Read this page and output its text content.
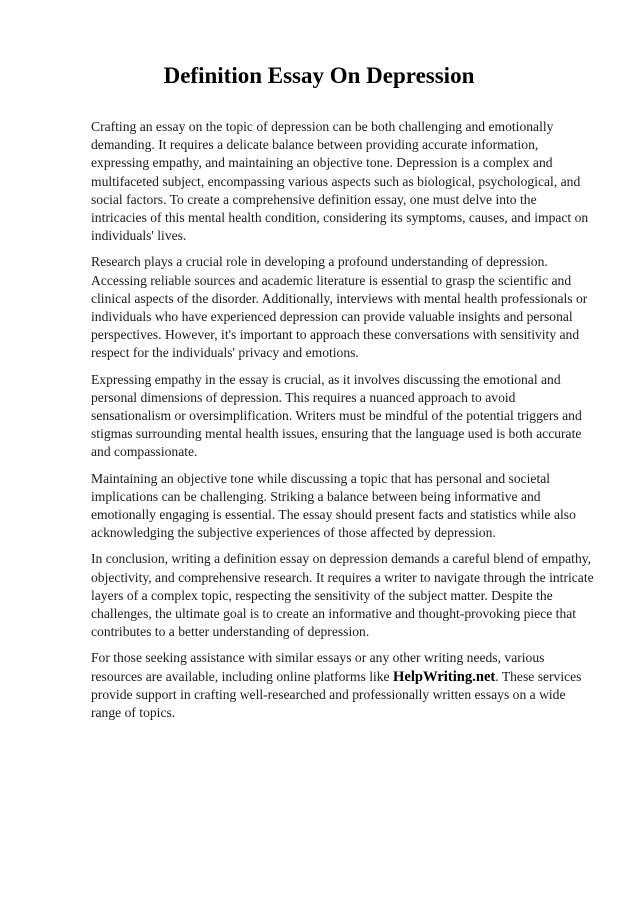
Definition Essay On Depression

Crafting an essay on the topic of depression can be both challenging and emotionally demanding. It requires a delicate balance between providing accurate information, expressing empathy, and maintaining an objective tone. Depression is a complex and multifaceted subject, encompassing various aspects such as biological, psychological, and social factors. To create a comprehensive definition essay, one must delve into the intricacies of this mental health condition, considering its symptoms, causes, and impact on individuals' lives.

Research plays a crucial role in developing a profound understanding of depression. Accessing reliable sources and academic literature is essential to grasp the scientific and clinical aspects of the disorder. Additionally, interviews with mental health professionals or individuals who have experienced depression can provide valuable insights and personal perspectives. However, it's important to approach these conversations with sensitivity and respect for the individuals' privacy and emotions.

Expressing empathy in the essay is crucial, as it involves discussing the emotional and personal dimensions of depression. This requires a nuanced approach to avoid sensationalism or oversimplification. Writers must be mindful of the potential triggers and stigmas surrounding mental health issues, ensuring that the language used is both accurate and compassionate.

Maintaining an objective tone while discussing a topic that has personal and societal implications can be challenging. Striking a balance between being informative and emotionally engaging is essential. The essay should present facts and statistics while also acknowledging the subjective experiences of those affected by depression.

In conclusion, writing a definition essay on depression demands a careful blend of empathy, objectivity, and comprehensive research. It requires a writer to navigate through the intricate layers of a complex topic, respecting the sensitivity of the subject matter. Despite the challenges, the ultimate goal is to create an informative and thought-provoking piece that contributes to a better understanding of depression.

For those seeking assistance with similar essays or any other writing needs, various resources are available, including online platforms like HelpWriting.net. These services provide support in crafting well-researched and professionally written essays on a wide range of topics.
